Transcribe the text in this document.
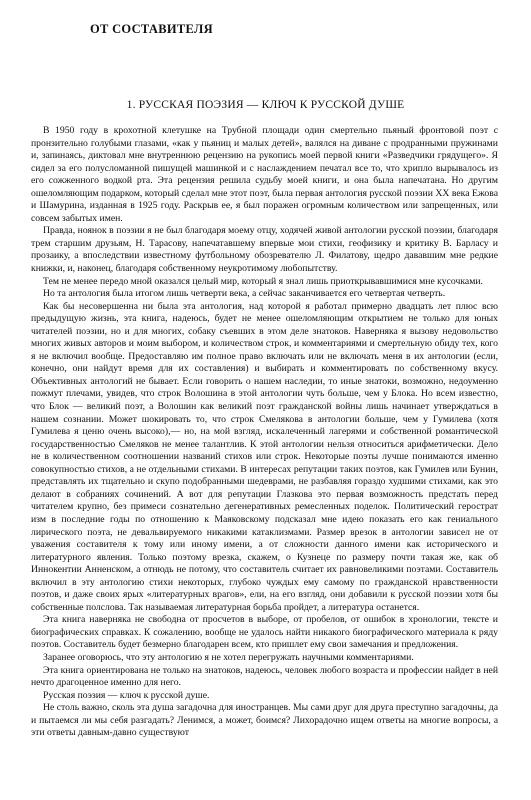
ОТ СОСТАВИТЕЛЯ
1. РУССКАЯ ПОЭЗИЯ — КЛЮЧ К РУССКОЙ ДУШЕ

В 1950 году в крохотной клетушке на Трубной площади один смертельно пьяный фронтовой поэт с пронзительно голубыми глазами, «как у пьяниц и малых детей», валялся на диване с продранными пружинами и, запинаясь, диктовал мне внутреннюю рецензию на рукопись моей первой книги «Разведчики грядущего». Я сидел за его полусломанной пишущей машинкой и с наслаждением печатал все то, что хрипло вырывалось из его сожженного водкой рта. Эта рецензия решила судьбу моей книги, и она была напечатана. Но другим ошеломляющим подарком, который сделал мне этот поэт, была первая антология русской поэзии XX века Ежова и Шамурина, изданная в 1925 году. Раскрыв ее, я был поражен огромным количеством или запрещенных, или совсем забытых имен.

Правда, ноянок в поэзии я не был благодаря моему отцу, ходячей живой антологии русской поэзии, благодаря трем старшим друзьям, Н. Тарасову, напечатавшему впервые мои стихи, геофизику и критику В. Барласу и прозаику, а впоследствии известному футбольному обозревателю Л. Филатову, щедро дававшим мне редкие книжки, и, наконец, благодаря собственному неукротимому любопытству.

Тем не менее передо мной оказался целый мир, который я знал лишь приоткрывавшимися мне кусочками.

Но та антология была итогом лишь четверти века, а сейчас заканчивается его четвертая четверть.

Как бы несовершенна ни была эта антология, над которой я работал примерно двадцать лет плюс всю предыдущую жизнь, эта книга, надеюсь, будет не менее ошеломляющим открытием не только для юных читателей поэзии, но и для многих, собаку съевших в этом деле знатоков. Наверняка я вызову недовольство многих живых авторов и моим выбором, и количеством строк, и комментариями и смертельную обиду тех, кого я не включил вообще. Предоставляю им полное право включать или не включать меня в их антологии (если, конечно, они найдут время для их составления) и выбирать и комментировать по собственному вкусу. Объективных антологий не бывает. Если говорить о нашем наследии, то иные знатоки, возможно, недоуменно пожмут плечами, увидев, что строк Волошина в этой антологии чуть больше, чем у Блока. Но всем известно, что Блок — великий поэт, а Волошин как великий поэт гражданской войны лишь начинает утверждаться в нашем сознании. Может шокировать то, что строк Смелякова в антологии больше, чем у Гумилева (хотя Гумилева я ценю очень высоко),— но, на мой взгляд, искалеченный лагерями и собственной романтической государственностью Смеляков не менее талантлив. К этой антологии нельзя относиться арифметически. Дело не в количественном соотношении названий стихов или строк. Некоторые поэты лучше понимаются именно совокупностью стихов, а не отдельными стихами. В интересах репутации таких поэтов, как Гумилев или Бунин, представлять их тщательно и скупо подобранными шедеврами, не разбавляя гораздо худшими стихами, как это делают в собраниях сочинений. А вот для репутации Глазкова это первая возможность предстать перед читателем крупно, без примеси сознательно дегенеративных ремесленных поделок. Политический герострат изм в последние годы по отношению к Маяковскому подсказал мне идею показать его как гениального лирического поэта, не девальвируемого никакими катаклизмами. Размер врезок в антологии зависел не от уважения составителя к тому или иному имени, а от сложности данного имени как исторического и литературного явления. Только поэтому врезка, скажем, о Кузнеце по размеру почти такая же, как об Иннокентии Анненском, а отнюдь не потому, что составитель считает их равновеликими поэтами. Составитель включил в эту антологию стихи некоторых, глубоко чуждых ему самому по гражданской нравственности поэтов, и даже своих ярых «литературных врагов», ели, на его взгляд, они добавили к русской поэзии хотя бы собственные полслова. Так называемая литературная борьба пройдет, а литература останется.

Эта книга наверняка не свободна от просчетов в выборе, от пробелов, от ошибок в хронологии, тексте и биографических справках. К сожалению, вообще не удалось найти никакого биографического материала к ряду поэтов. Составитель будет безмерно благодарен всем, кто пришлет ему свои замечания и предложения.

Заранее оговорюсь, что эту антологию я не хотел перегружать научными комментариями.

Эта книга ориентирована не только на знатоков, надеюсь, человек любого возраста и профессии найдет в ней нечто драгоценное именно для него.

Русская поэзия — ключ к русской душе.

Не столь важно, сколь эта душа загадочна для иностранцев. Мы сами друг для друга преступно загадочны, да и пытаемся ли мы себя разгадать? Ленимся, а может, боимся? Лихорадочно ищем ответы на многие вопросы, а эти ответы давным-давно существуют
